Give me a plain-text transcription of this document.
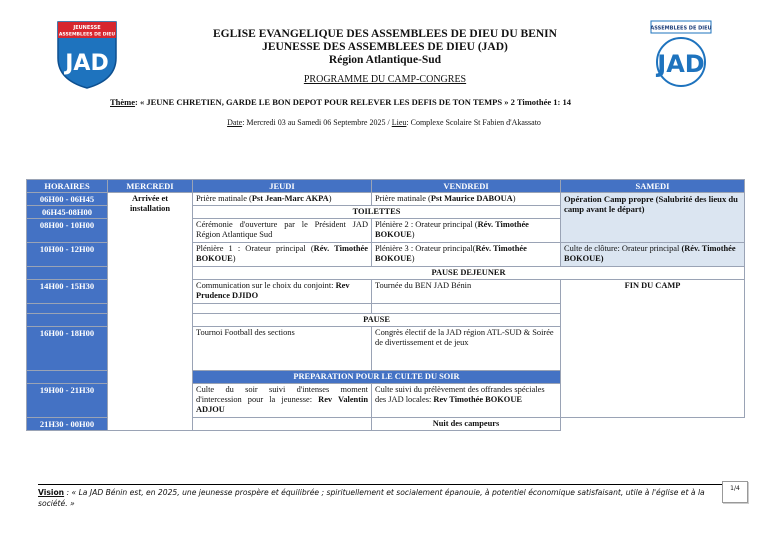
JEUNESSE
ASSEMBLEES DE DIEU
JAD
ASSEMBLEES DE DIEU
JAD
EGLISE EVANGELIQUE DES ASSEMBLEES DE DIEU DU BENIN
JEUNESSE DES ASSEMBLEES DE DIEU (JAD)
Région Atlantique-Sud
PROGRAMME DU CAMP-CONGRES
Thème: « JEUNE CHRETIEN, GARDE LE BON DEPOT POUR RELEVER LES DEFIS DE TON TEMPS » 2 Timothée 1: 14
Date: Mercredi 03 au Samedi 06 Septembre 2025 / Lieu: Complexe Scolaire St Fabien d'Akassato
HORAIRES	MERCREDI	JEUDI	VENDREDI	SAMEDI
06H00 - 06H45	Arrivée et installation	Prière matinale (Pst Jean-Marc AKPA)	Prière matinale (Pst Maurice DABOUA)	Opération Camp propre (Salubrité des lieux du camp avant le départ)
06H45-08H00		TOILETTES		
08H00 - 10H00		Cérémonie d'ouverture par le Président JAD Région Atlantique Sud	Plénière 2 : Orateur principal (Rév. Timothée BOKOUE)	
10H00 - 12H00		Plénière 1 : Orateur principal (Rév. Timothée BOKOUE)	Plénière 3 : Orateur principal(Rév. Timothée BOKOUE)	Culte de clôture: Orateur principal (Rév. Timothée BOKOUE)
		PAUSE DEJEUNER		
14H00 - 15H30		Communication sur le choix du conjoint: Rev Prudence DJIDO	Tournée du BEN JAD Bénin	FIN DU CAMP

		PAUSE		
16H00 - 18H00		Tournoi Football des sections	Congrès électif de la JAD région ATL-SUD & Soirée de divertissement et de jeux	
		PREPARATION POUR LE CULTE DU SOIR		
19H00 - 21H30		Culte du soir suivi d'intenses moment d'intercession pour la jeunesse: Rev Valentin ADJOU	Culte suivi du prélèvement des offrandes spéciales des JAD locales: Rev Timothée BOKOUE	
21H30 - 00H00			Nuit des campeurs	
Vision : « La JAD Bénin est, en 2025, une jeunesse prospère et équilibrée ; spirituellement et socialement épanouie, à potentiel économique satisfaisant, utile à l'église et à la société. »
1/4
